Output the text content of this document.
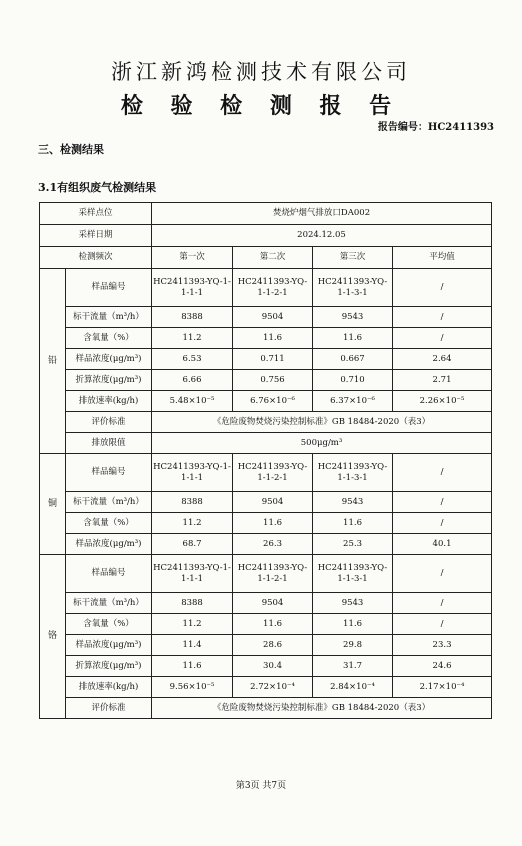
浙江新鸿检测技术有限公司
检 验 检 测 报 告
报告编号：HC2411393
三、检测结果
3.1有组织废气检测结果
采样点位		焚烧炉烟气排放口DA002			
采样日期		2024.12.05			
检测频次		第一次	第二次	第三次	平均值
铅	样品编号	HC2411393-YQ-1-1-1-1	HC2411393-YQ-1-1-2-1	HC2411393-YQ-1-1-3-1	/
	标干流量（m³/h）	8388	9504	9543	/
	含氧量（%）	11.2	11.6	11.6	/
	样品浓度(μg/m³)	6.53	0.711	0.667	2.64
	折算浓度(μg/m³)	6.66	0.756	0.710	2.71
	排放速率(kg/h)	5.48×10⁻⁵	6.76×10⁻⁶	6.37×10⁻⁶	2.26×10⁻⁵
	评价标准	《危险废物焚烧污染控制标准》GB 18484-2020（表3）			
	排放限值	500μg/m³			
铜	样品编号	HC2411393-YQ-1-1-1-1	HC2411393-YQ-1-1-2-1	HC2411393-YQ-1-1-3-1	/
	标干流量（m³/h）	8388	9504	9543	/
	含氧量（%）	11.2	11.6	11.6	/
	样品浓度(μg/m³)	68.7	26.3	25.3	40.1
铬	样品编号	HC2411393-YQ-1-1-1-1	HC2411393-YQ-1-1-2-1	HC2411393-YQ-1-1-3-1	/
	标干流量（m³/h）	8388	9504	9543	/
	含氧量（%）	11.2	11.6	11.6	/
	样品浓度(μg/m³)	11.4	28.6	29.8	23.3
	折算浓度(μg/m³)	11.6	30.4	31.7	24.6
	排放速率(kg/h)	9.56×10⁻⁵	2.72×10⁻⁴	2.84×10⁻⁴	2.17×10⁻⁴
	评价标准	《危险废物焚烧污染控制标准》GB 18484-2020（表3）			
第3页 共7页
